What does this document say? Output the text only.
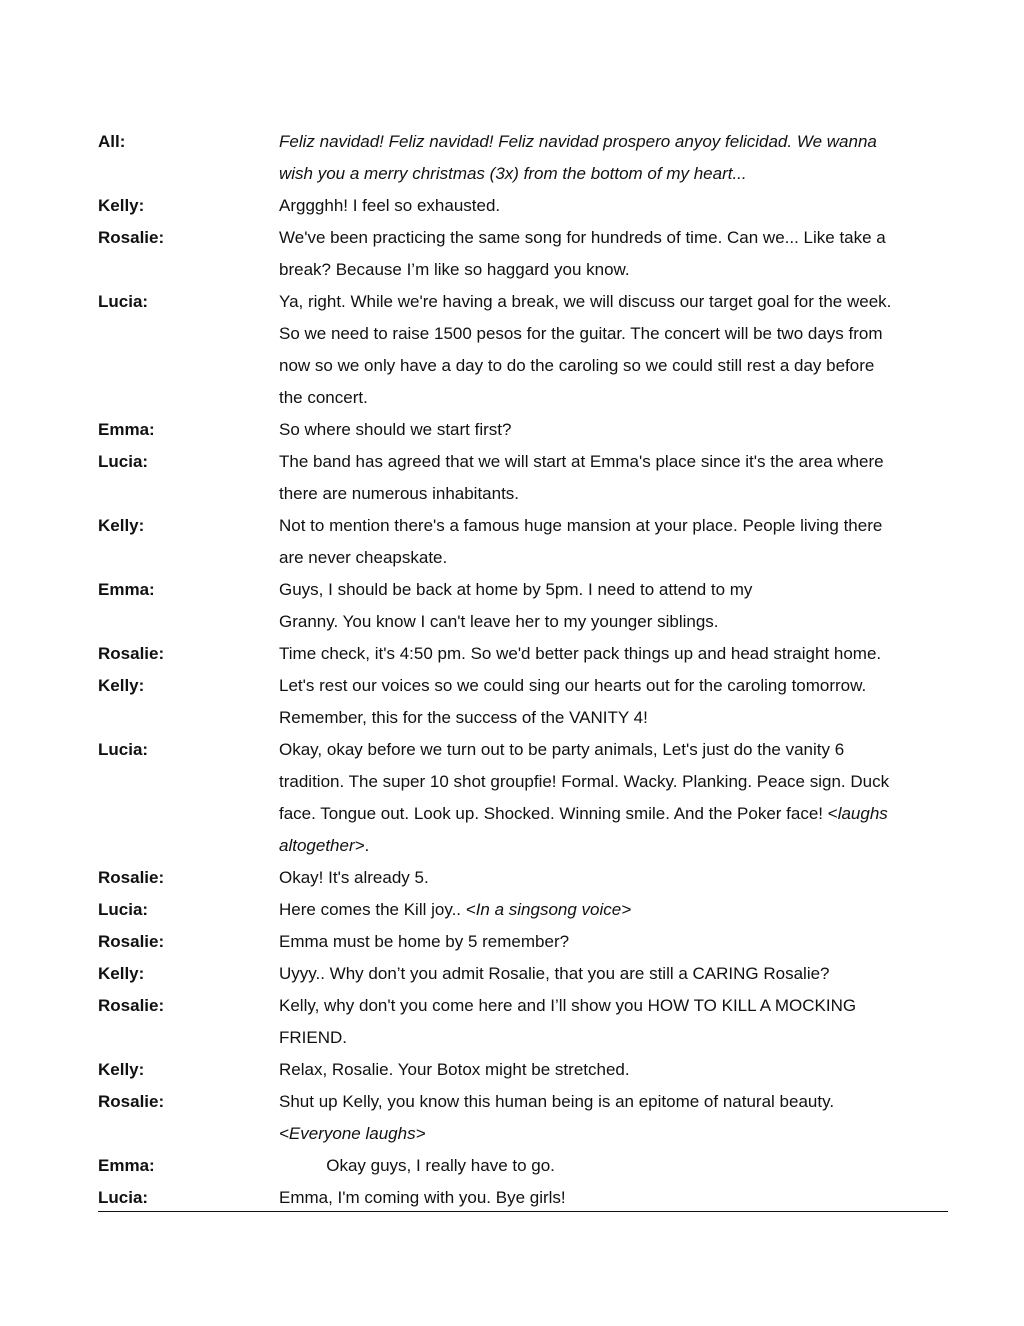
All:	Feliz navidad! Feliz navidad! Feliz navidad prospero anyoy felicidad. We wanna
wish you a merry christmas (3x) from the bottom of my heart...
Kelly:	Arggghh! I feel so exhausted.
Rosalie:	We've been practicing the same song for hundreds of time. Can we... Like take a
break? Because I’m like so haggard you know.
Lucia:	Ya, right. While we're having a break, we will discuss our target goal for the week.
So we need to raise 1500 pesos for the guitar. The concert will be two days from
now so we only have a day to do the caroling so we could still rest a day before
the concert.
Emma:	So where should we start first?
Lucia:	The band has agreed that we will start at Emma's place since it's the area where
there are numerous inhabitants.
Kelly:	Not to mention there's a famous huge mansion at your place. People living there
are never cheapskate.
Emma:	Guys, I should be back at home by 5pm. I need to attend to my
Granny. You know I can't leave her to my younger siblings.
Rosalie:	Time check, it's 4:50 pm. So we'd better pack things up and head straight home.
Kelly:	Let's rest our voices so we could sing our hearts out for the caroling tomorrow.
Remember, this for the success of the VANITY 4!
Lucia:	Okay, okay before we turn out to be party animals, Let's just do the vanity 6
tradition. The super 10 shot groupfie! Formal. Wacky. Planking. Peace sign. Duck
face. Tongue out. Look up. Shocked. Winning smile. And the Poker face! <laughs
altogether>.
Rosalie:	Okay! It's already 5.
Lucia:	Here comes the Kill joy.. <In a singsong voice>
Rosalie:	Emma must be home by 5 remember?
Kelly:	Uyyy.. Why don’t you admit Rosalie, that you are still a CARING Rosalie?
Rosalie:	Kelly, why don't you come here and I’ll show you HOW TO KILL A MOCKING
FRIEND.
Kelly:	Relax, Rosalie. Your Botox might be stretched.
Rosalie:	Shut up Kelly, you know this human being is an epitome of natural beauty.
<Everyone laughs>
Emma:	Okay guys, I really have to go.
Lucia:	Emma, I'm coming with you. Bye girls!
